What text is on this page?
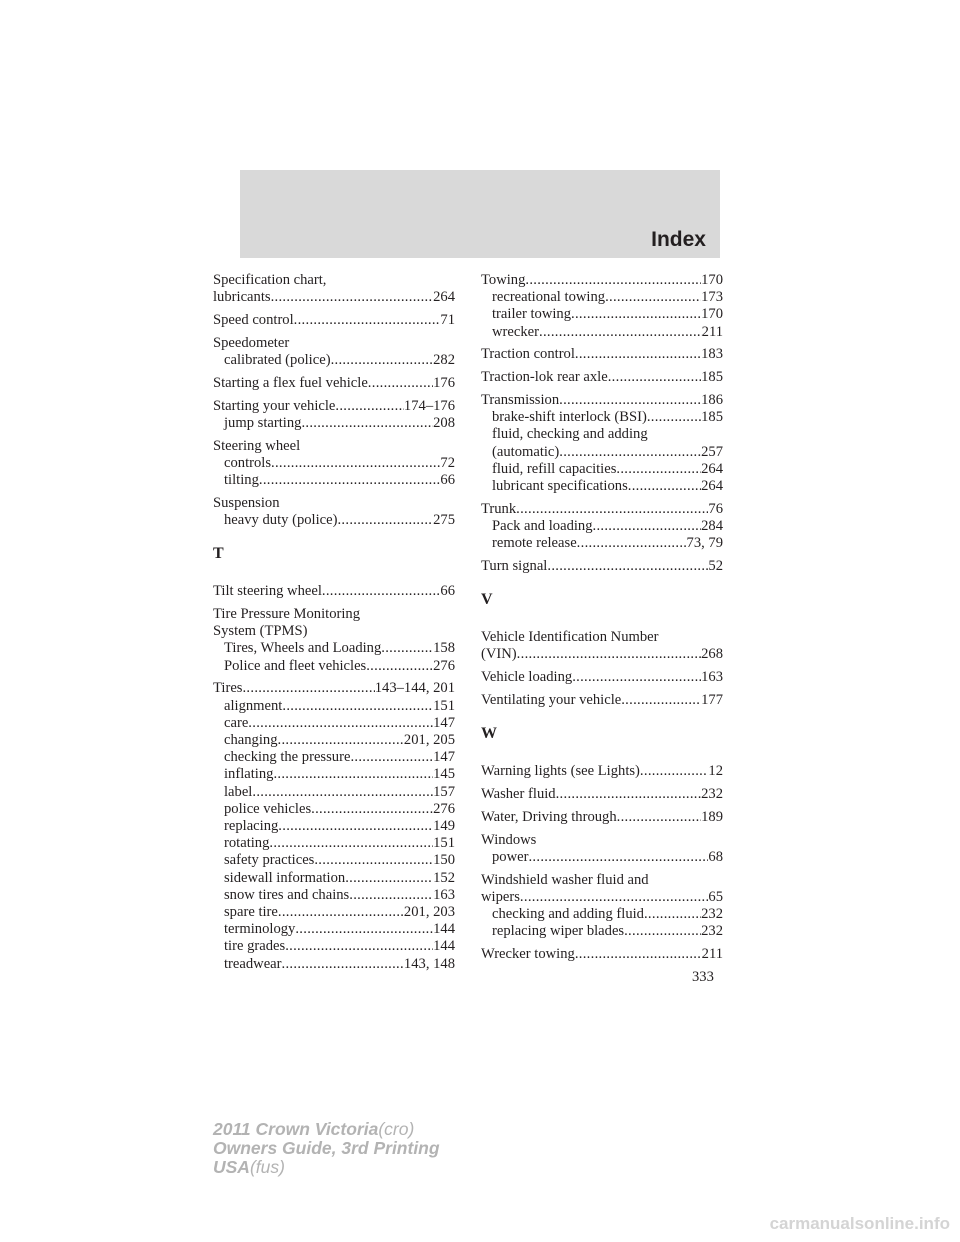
Index
Specification chart,
lubricants .....	264
Speed control .....	71
Speedometer
calibrated (police) .....	282
Starting a flex fuel vehicle .....	176
Starting your vehicle .....	174–176
jump starting .....	208
Steering wheel
controls .....	72
tilting .....	66
Suspension
heavy duty (police) .....	275
T
Tilt steering wheel .....	66
Tire Pressure Monitoring
System (TPMS)
Tires, Wheels and Loading .....	158
Police and fleet vehicles .....	276
Tires .....	143–144, 201
alignment .....	151
care .....	147
changing .....	201, 205
checking the pressure .....	147
inflating .....	145
label .....	157
police vehicles .....	276
replacing .....	149
rotating .....	151
safety practices .....	150
sidewall information .....	152
snow tires and chains .....	163
spare tire .....	201, 203
terminology .....	144
tire grades .....	144
treadwear .....	143, 148
Towing .....	170
recreational towing .....	173
trailer towing .....	170
wrecker .....	211
Traction control .....	183
Traction-lok rear axle .....	185
Transmission .....	186
brake-shift interlock (BSI) .....	185
fluid, checking and adding
(automatic) .....	257
fluid, refill capacities .....	264
lubricant specifications .....	264
Trunk .....	76
Pack and loading .....	284
remote release .....	73, 79
Turn signal .....	52
V
Vehicle Identification Number
(VIN) .....	268
Vehicle loading .....	163
Ventilating your vehicle .....	177
W
Warning lights (see Lights) .....	12
Washer fluid .....	232
Water, Driving through .....	189
Windows
power .....	68
Windshield washer fluid and
wipers .....	65
checking and adding fluid .....	232
replacing wiper blades .....	232
Wrecker towing .....	211
333
2011 Crown Victoria(cro)
Owners Guide, 3rd Printing
USA(fus)
carmanualsonline.info
